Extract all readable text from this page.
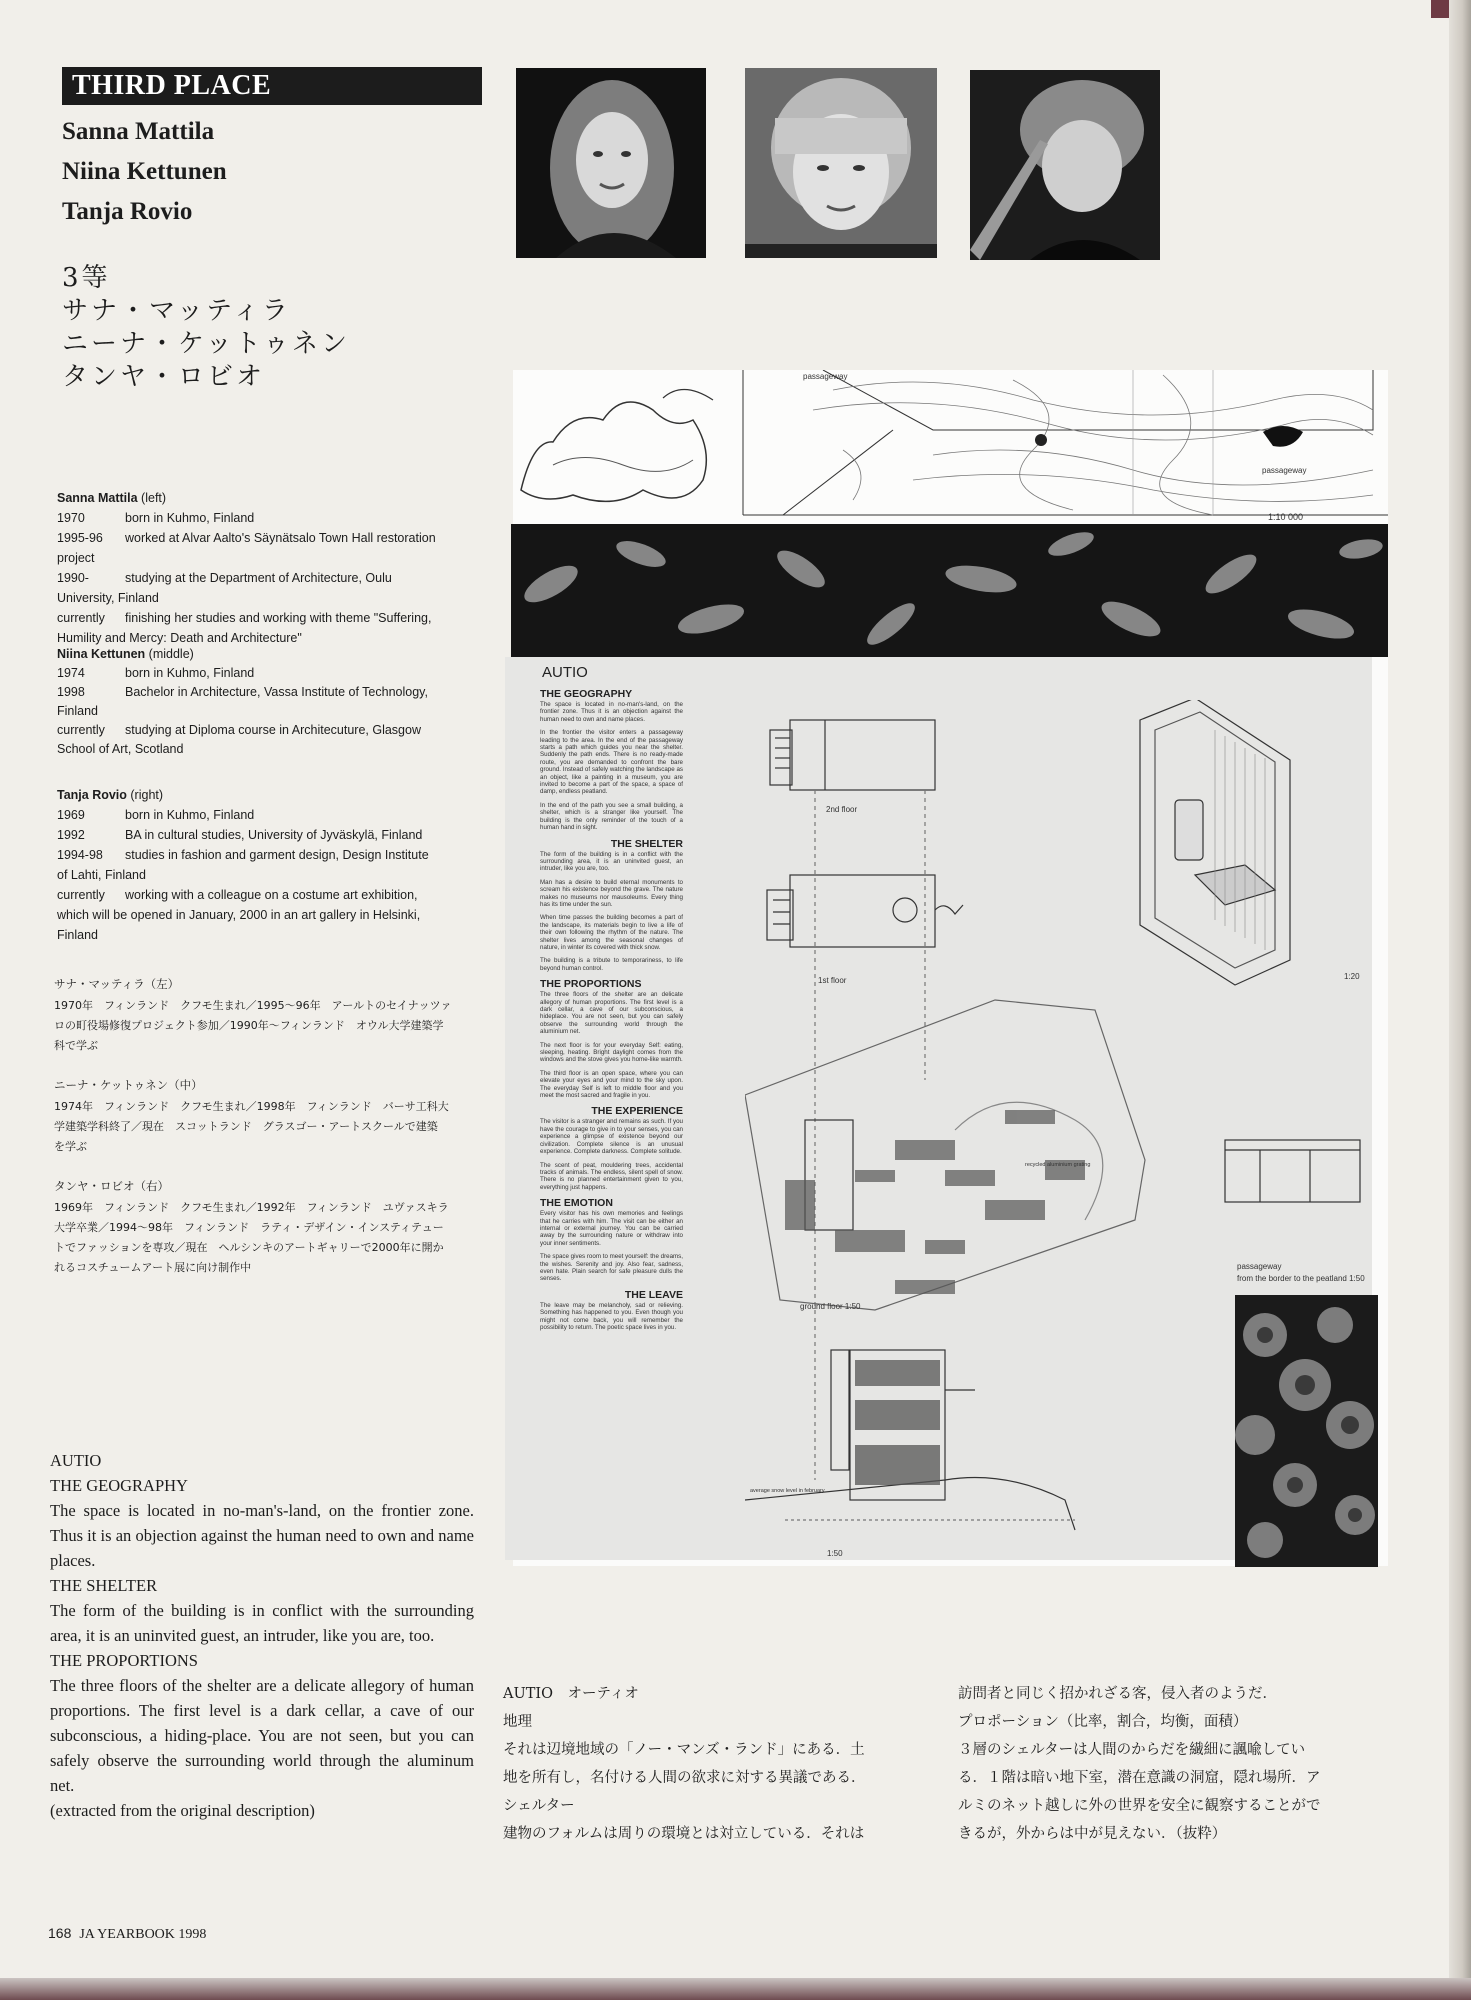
THIRD PLACE
Sanna Mattila
Niina Kettunen
Tanja Rovio
3等
サナ・マッティラ
ニーナ・ケットゥネン
タンヤ・ロビオ
Sanna Mattila (left)
1970	born in Kuhmo, Finland
1995-96	worked at Alvar Aalto's Säynätsalo Town Hall restoration
project
1990-	studying at the Department of Architecture, Oulu
University, Finland
currently	finishing her studies and working with theme "Suffering,
Humility and Mercy: Death and Architecture"
Niina Kettunen (middle)
1974	born in Kuhmo, Finland
1998	Bachelor in Architecture, Vassa Institute of Technology,
Finland
currently	studying at Diploma course in Architecuture, Glasgow
School of Art, Scotland
Tanja Rovio (right)
1969	born in Kuhmo, Finland
1992	BA in cultural studies, University of Jyväskylä, Finland
1994-98	studies in fashion and garment design, Design Institute
of Lahti, Finland
currently	working with a colleague on a costume art exhibition,
which will be opened in January, 2000 in an art gallery in Helsinki,
Finland
サナ・マッティラ（左）
1970年　フィンランド　クフモ生まれ／1995～96年　アールトのセイナッツァ
ロの町役場修復プロジェクト参加／1990年～フィンランド　オウル大学建築学
科で学ぶ
ニーナ・ケットゥネン（中）
1974年　フィンランド　クフモ生まれ／1998年　フィンランド　バーサ工科大
学建築学科終了／現在　スコットランド　グラスゴー・アートスクールで建築
を学ぶ
タンヤ・ロビオ（右）
1969年　フィンランド　クフモ生まれ／1992年　フィンランド　ユヴァスキラ
大学卒業／1994～98年　フィンランド　ラティ・デザイン・インスティテュー
トでファッションを専攻／現在　ヘルシンキのアートギャリーで2000年に開か
れるコスチュームアート展に向け制作中
AUTIO
THE GEOGRAPHY
The space is located in no-man's-land, on the frontier zone. Thus it is an objection against the human need to own and name places.
THE SHELTER
The form of the building is in conflict with the surrounding area, it is an uninvited guest, an intruder, like you are, too.
THE PROPORTIONS
The three floors of the shelter are a delicate allegory of human proportions. The first level is a dark cellar, a cave of our subconscious, a hiding-place. You are not seen, but you can safely observe the surrounding world through the aluminum net.
(extracted from the original description)
AUTIO　オーティオ
地理
それは辺境地域の「ノー・マンズ・ランド」にある．土
地を所有し，名付ける人間の欲求に対する異議である．
シェルター
建物のフォルムは周りの環境とは対立している．それは
訪問者と同じく招かれざる客，侵入者のようだ．
プロポーション（比率，割合，均衡，面積）
３層のシェルターは人間のからだを繊細に諷喩してい
る．１階は暗い地下室，潜在意識の洞窟，隠れ場所．ア
ルミのネット越しに外の世界を安全に観察することがで
きるが，外からは中が見えない．（抜粋）
passageway
passageway
1:10 000
AUTIO
THE GEOGRAPHY

The space is located in no-man's-land, on the frontier zone. Thus it is an objection against the human need to own and name places.

In the frontier the visitor enters a passageway leading to the area. In the end of the passageway starts a path which guides you near the shelter. Suddenly the path ends. There is no ready-made route, you are demanded to confront the bare ground. Instead of safely watching the landscape as an object, like a painting in a museum, you are invited to become a part of the space, a space of damp, endless peatland.

In the end of the path you see a small building, a shelter, which is a stranger like yourself. The building is the only reminder of the touch of a human hand in sight.

THE SHELTER

The form of the building is in a conflict with the surrounding area, it is an uninvited guest, an intruder, like you are, too.

Man has a desire to build eternal monuments to scream his existence beyond the grave. The nature makes no museums nor mausoleums. Every thing has its time under the sun.

When time passes the building becomes a part of the landscape, its materials begin to live a life of their own following the rhythm of the nature. The shelter lives among the seasonal changes of nature, in winter its covered with thick snow.

The building is a tribute to temporariness, to life beyond human control.

THE PROPORTIONS

The three floors of the shelter are an delicate allegory of human proportions. The first level is a dark cellar, a cave of our subconscious, a hideplace. You are not seen, but you can safely observe the surrounding world through the aluminium net.

The next floor is for your everyday Self: eating, sleeping, heating. Bright daylight comes from the windows and the stove gives you home-like warmth.

The third floor is an open space, where you can elevate your eyes and your mind to the sky upon. The everyday Self is left to middle floor and you meet the most sacred and fragile in you.

THE EXPERIENCE

The visitor is a stranger and remains as such. If you have the courage to give in to your senses, you can experience a glimpse of existence beyond our civilization. Complete silence is an unusual experience. Complete darkness. Complete solitude.

The scent of peat, mouldering trees, accidental tracks of animals. The endless, silent spell of snow. There is no planned entertainment given to you, everything just happens.

THE EMOTION

Every visitor has his own memories and feelings that he carries with him. The visit can be either an internal or external journey. You can be carried away by the surrounding nature or withdraw into your inner sentiments.

The space gives room to meet yourself: the dreams, the wishes. Serenity and joy. Also fear, sadness, even hate. Plain search for safe pleasure dulls the senses.

THE LEAVE

The leave may be melancholy, sad or relieving. Something has happened to you. Even though you might not come back, you will remember the possibility to return. The poetic space lives in you.

2nd floor
1st floor
ground floor 1:50
1:20
1:50
passageway
from the border to the peatland 1:50
average snow level in february
recycled aluminium grating
168 JA YEARBOOK 1998
